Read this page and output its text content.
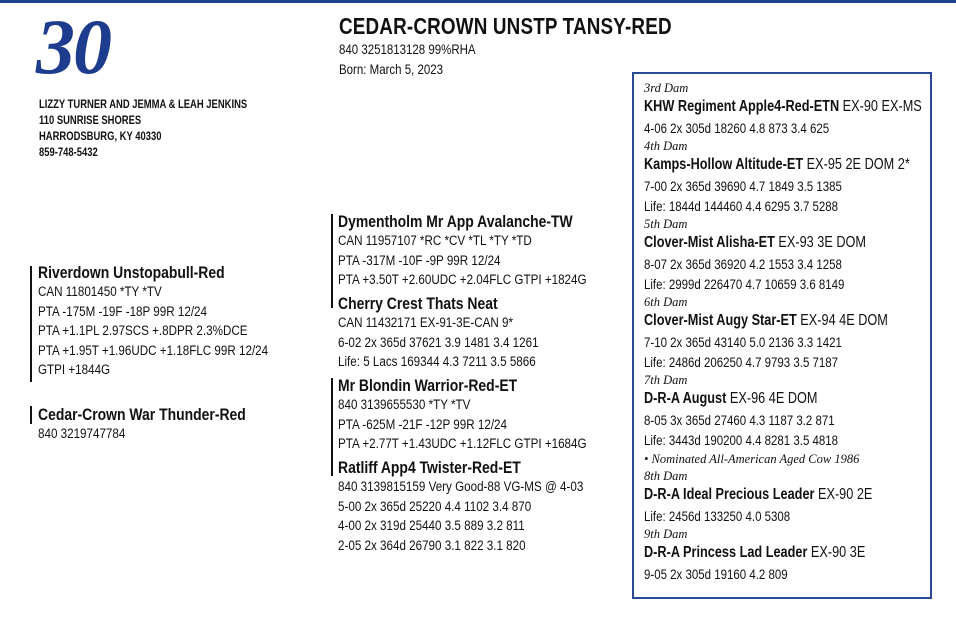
30
LIZZY TURNER AND JEMMA & LEAH JENKINS
110 SUNRISE SHORES
HARRODSBURG, KY 40330
859-748-5432
CEDAR-CROWN UNSTP TANSY-RED
840 3251813128 99%RHA
Born: March 5, 2023
Riverdown Unstopabull-Red
CAN 11801450 *TY *TV
PTA -175M -19F -18P 99R 12/24
PTA +1.1PL 2.97SCS +.8DPR 2.3%DCE
PTA +1.95T +1.96UDC +1.18FLC 99R 12/24
GTPI +1844G
Cedar-Crown War Thunder-Red
840 3219747784
Dymentholm Mr App Avalanche-TW
CAN 11957107 *RC *CV *TL *TY *TD
PTA -317M -10F -9P 99R 12/24
PTA +3.50T +2.60UDC +2.04FLC GTPI +1824G
Cherry Crest Thats Neat
CAN 11432171 EX-91-3E-CAN 9*
6-02 2x 365d 37621 3.9 1481 3.4 1261
Life: 5 Lacs 169344 4.3 7211 3.5 5866
Mr Blondin Warrior-Red-ET
840 3139655530 *TY *TV
PTA -625M -21F -12P 99R 12/24
PTA +2.77T +1.43UDC +1.12FLC GTPI +1684G
Ratliff App4 Twister-Red-ET
840 3139815159 Very Good-88 VG-MS @ 4-03
5-00 2x 365d 25220 4.4 1102 3.4 870
4-00 2x 319d 25440 3.5 889 3.2 811
2-05 2x 364d 26790 3.1 822 3.1 820
3rd Dam
KHW Regiment Apple4-Red-ETN EX-90 EX-MS
4-06 2x 305d 18260 4.8 873 3.4 625
4th Dam
Kamps-Hollow Altitude-ET EX-95 2E DOM 2*
7-00 2x 365d 39690 4.7 1849 3.5 1385
Life: 1844d 144460 4.4 6295 3.7 5288
5th Dam
Clover-Mist Alisha-ET EX-93 3E DOM
8-07 2x 365d 36920 4.2 1553 3.4 1258
Life: 2999d 226470 4.7 10659 3.6 8149
6th Dam
Clover-Mist Augy Star-ET EX-94 4E DOM
7-10 2x 365d 43140 5.0 2136 3.3 1421
Life: 2486d 206250 4.7 9793 3.5 7187
7th Dam
D-R-A August EX-96 4E DOM
8-05 3x 365d 27460 4.3 1187 3.2 871
Life: 3443d 190200 4.4 8281 3.5 4818
• Nominated All-American Aged Cow 1986
8th Dam
D-R-A Ideal Precious Leader EX-90 2E
Life: 2456d 133250 4.0 5308
9th Dam
D-R-A Princess Lad Leader EX-90 3E
9-05 2x 305d 19160 4.2 809
